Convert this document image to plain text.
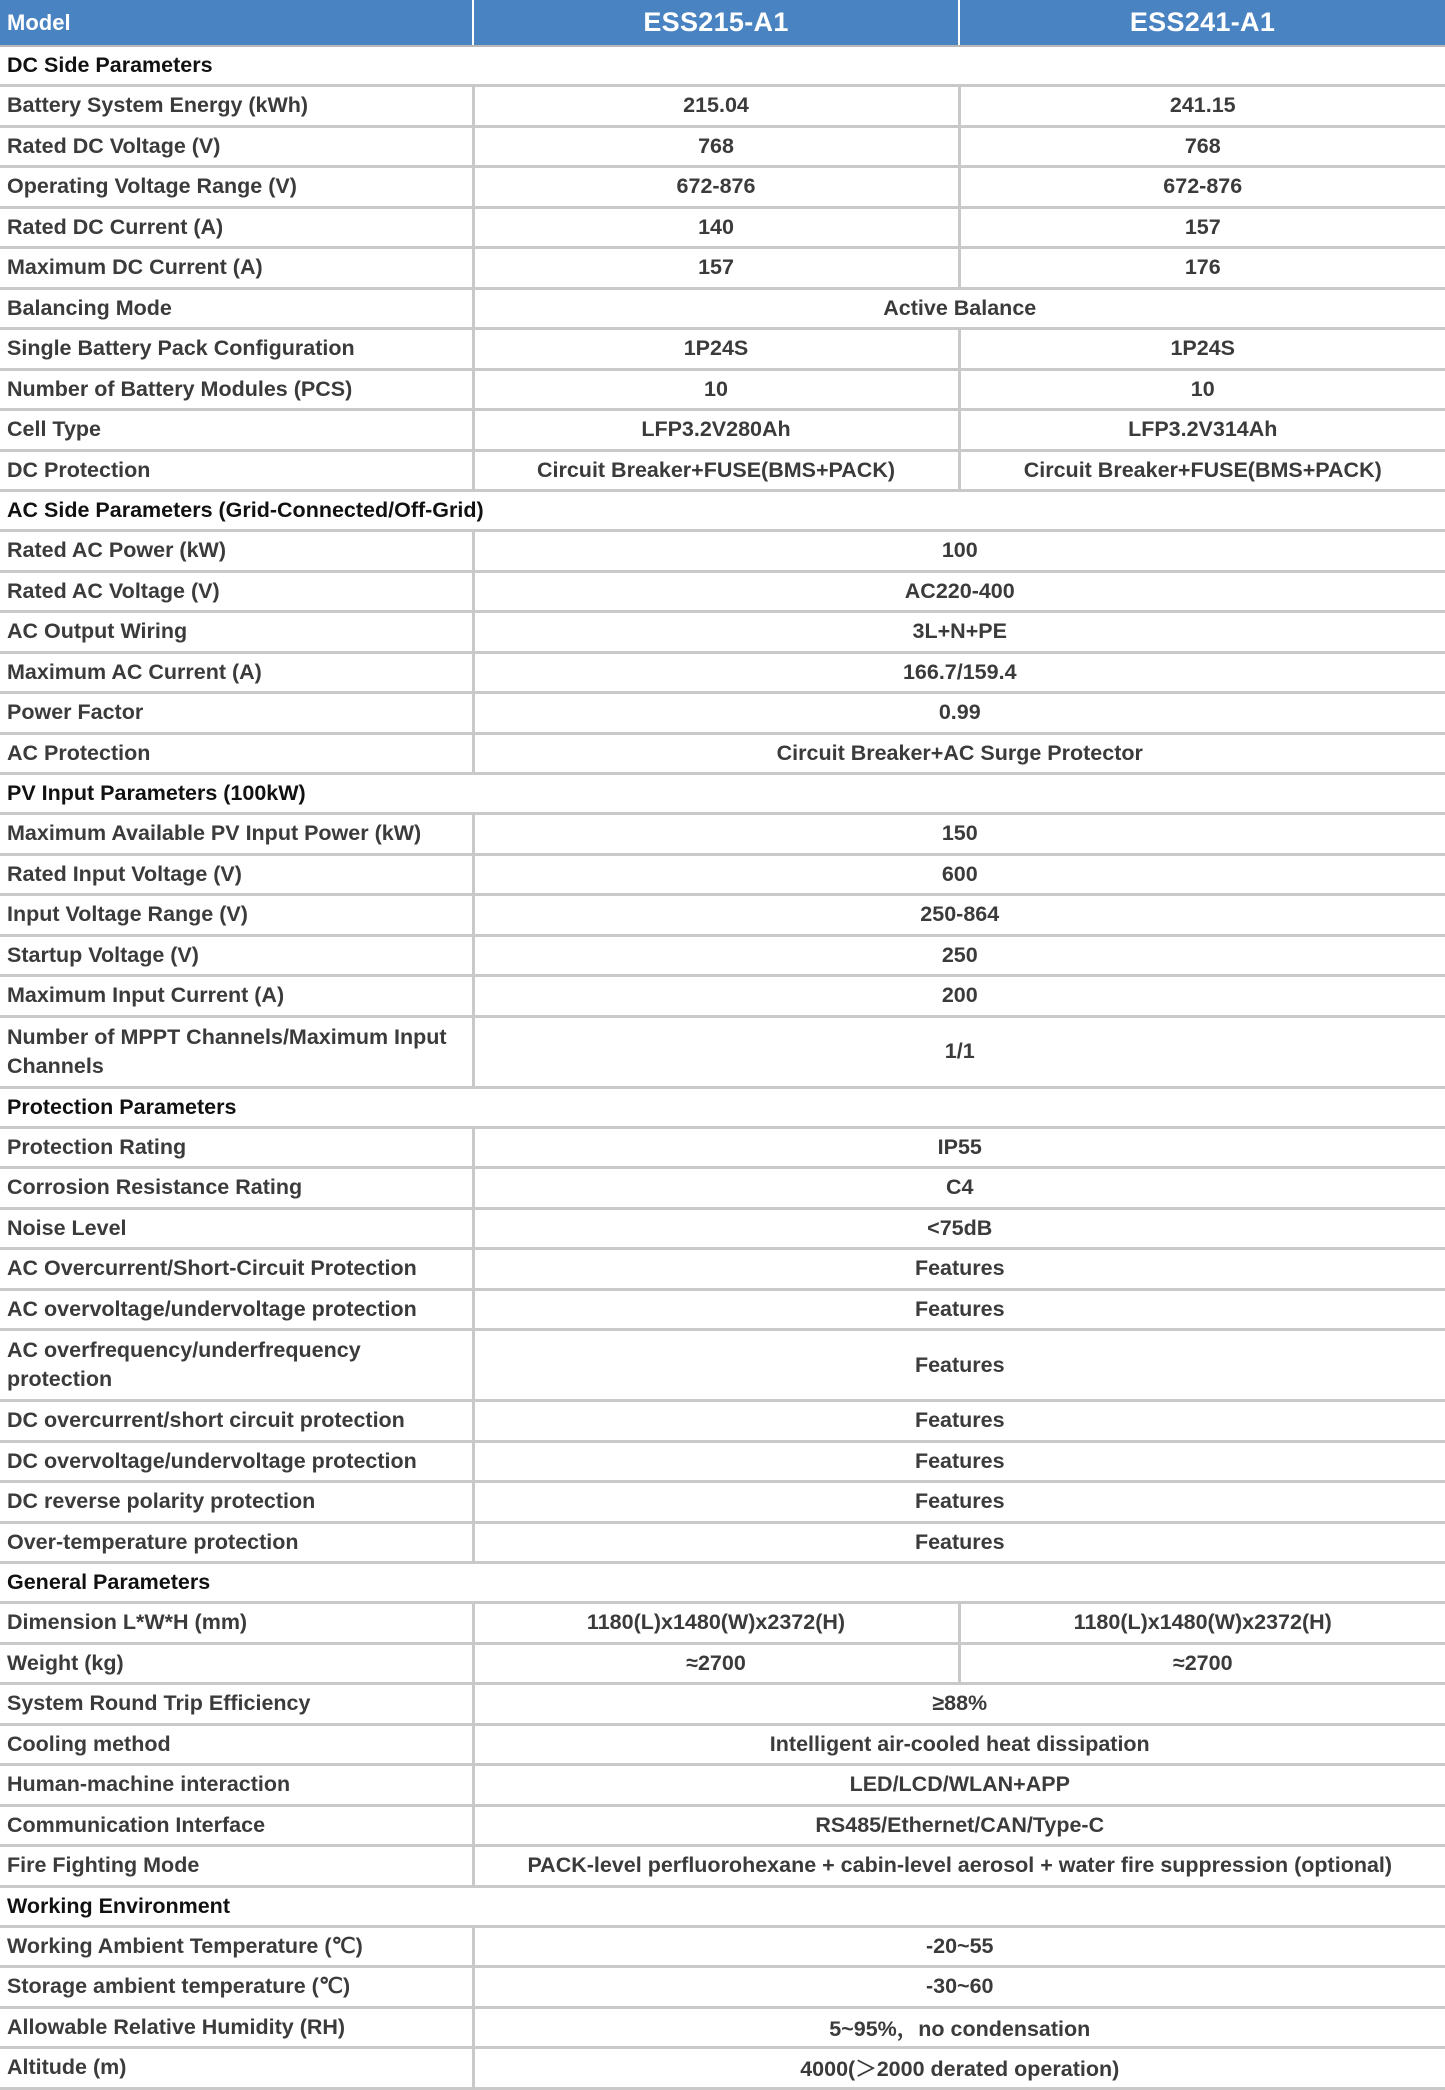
Model	ESS215-A1	ESS241-A1
DC Side Parameters		
Battery System Energy (kWh)	215.04	241.15
Rated DC Voltage (V)	768	768
Operating Voltage Range (V)	672-876	672-876
Rated DC Current (A)	140	157
Maximum DC Current (A)	157	176
Balancing Mode	Active Balance	
Single Battery Pack Configuration	1P24S	1P24S
Number of Battery Modules (PCS)	10	10
Cell Type	LFP3.2V280Ah	LFP3.2V314Ah
DC Protection	Circuit Breaker+FUSE(BMS+PACK)	Circuit Breaker+FUSE(BMS+PACK)
AC Side Parameters (Grid-Connected/Off-Grid)		
Rated AC Power (kW)	100	
Rated AC Voltage (V)	AC220-400	
AC Output Wiring	3L+N+PE	
Maximum AC Current (A)	166.7/159.4	
Power Factor	0.99	
AC Protection	Circuit Breaker+AC Surge Protector	
PV Input Parameters (100kW)		
Maximum Available PV Input Power (kW)	150	
Rated Input Voltage (V)	600	
Input Voltage Range (V)	250-864	
Startup Voltage (V)	250	
Maximum Input Current (A)	200	
Number of MPPT Channels/Maximum Input Channels	1/1	
Protection Parameters		
Protection Rating	IP55	
Corrosion Resistance Rating	C4	
Noise Level	<75dB	
AC Overcurrent/Short-Circuit Protection	Features	
AC overvoltage/undervoltage protection	Features	
AC overfrequency/underfrequency protection	Features	
DC overcurrent/short circuit protection	Features	
DC overvoltage/undervoltage protection	Features	
DC reverse polarity protection	Features	
Over-temperature protection	Features	
General Parameters		
Dimension L*W*H (mm)	1180(L)x1480(W)x2372(H)	1180(L)x1480(W)x2372(H)
Weight (kg)	≈2700	≈2700
System Round Trip Efficiency	≥88%	
Cooling method	Intelligent air-cooled heat dissipation	
Human-machine interaction	LED/LCD/WLAN+APP	
Communication Interface	RS485/Ethernet/CAN/Type-C	
Fire Fighting Mode	PACK-level perfluorohexane + cabin-level aerosol + water fire suppression (optional)	
Working Environment		
Working Ambient Temperature (℃)	-20~55	
Storage ambient temperature (℃)	-30~60	
Allowable Relative Humidity (RH)	5~95%，no condensation	
Altitude (m)	4000(＞2000 derated operation)	
